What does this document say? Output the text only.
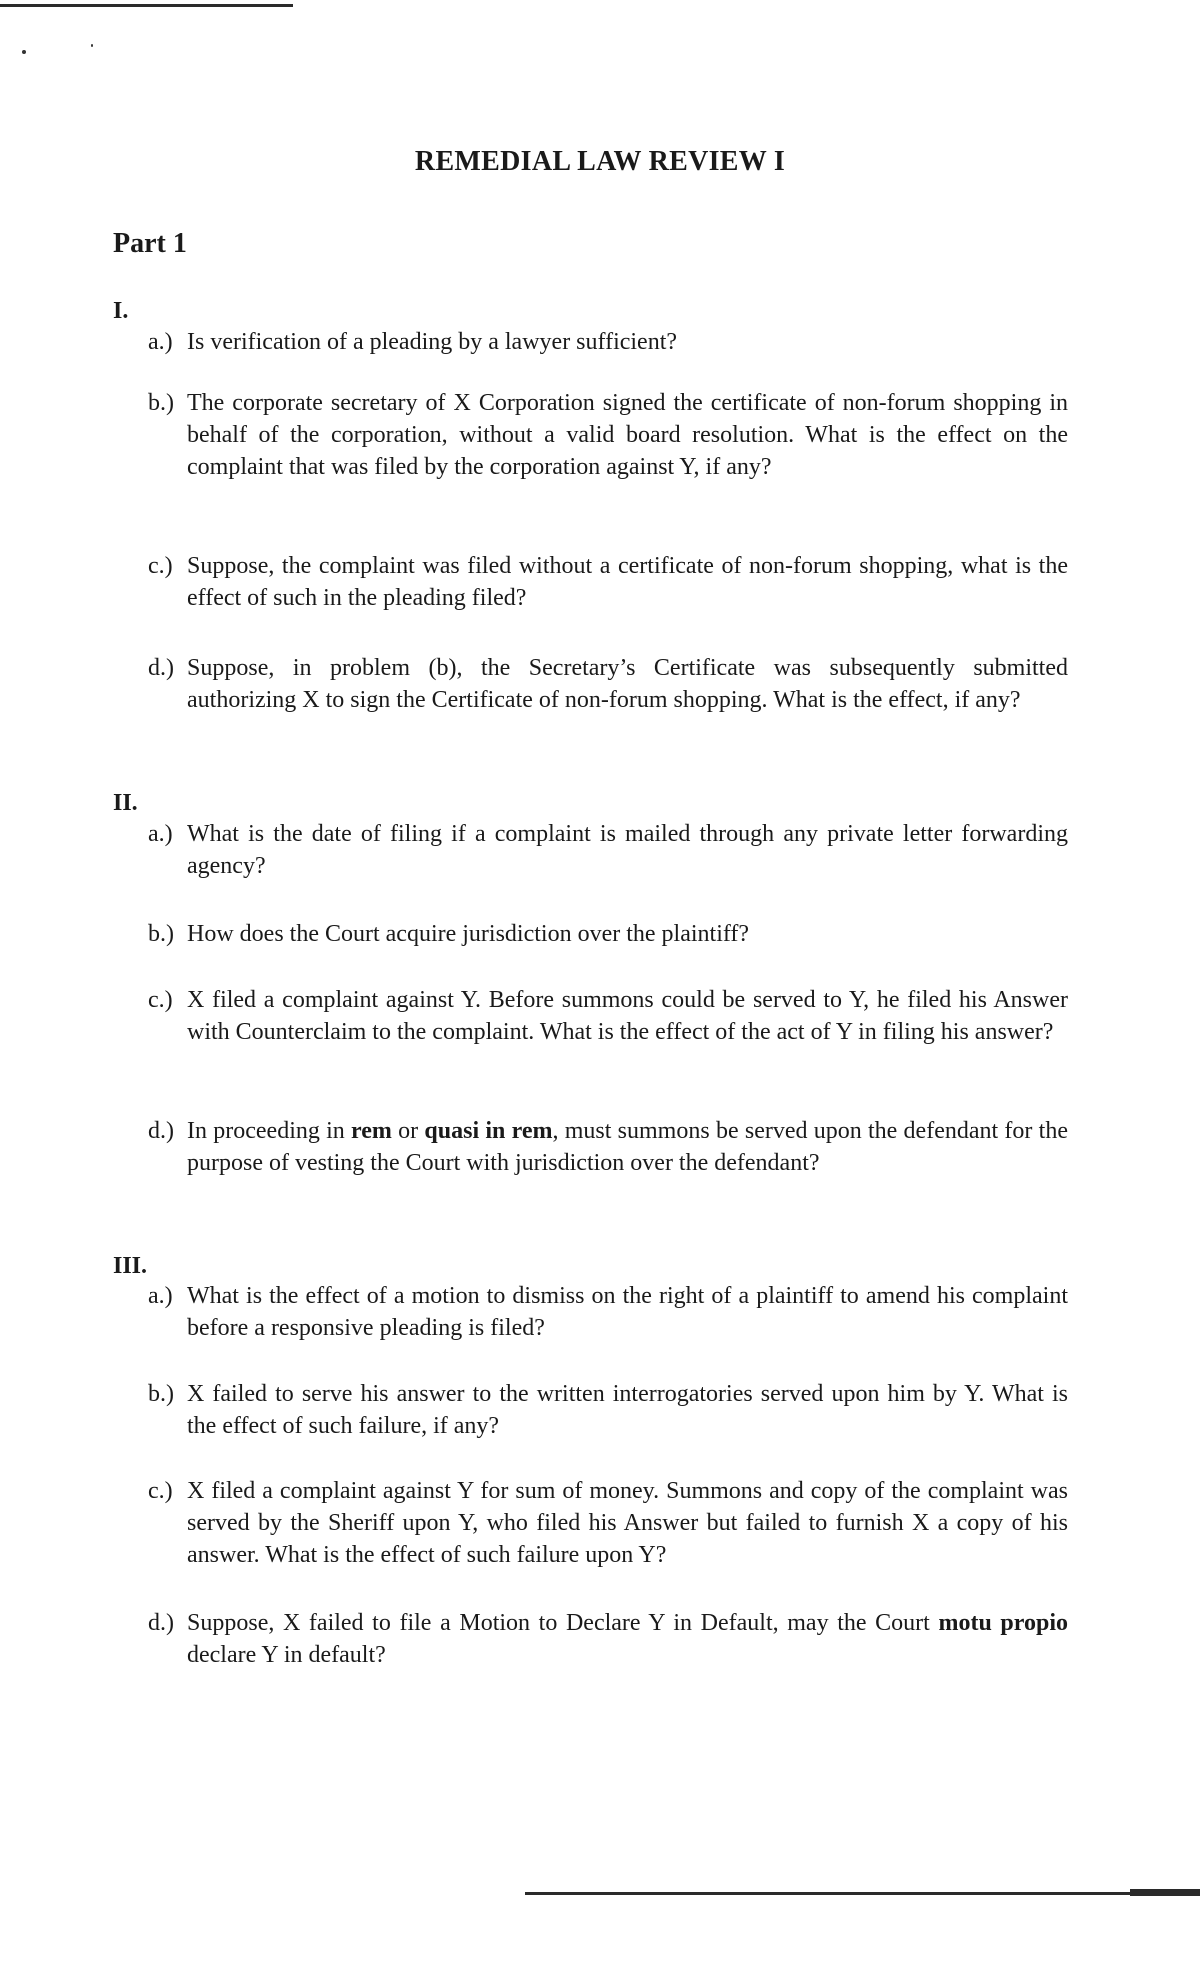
REMEDIAL LAW REVIEW I
Part 1
I.
a.) Is verification of a pleading by a lawyer sufficient?
b.) The corporate secretary of X Corporation signed the certificate of non-forum shopping in behalf of the corporation, without a valid board resolution. What is the effect on the complaint that was filed by the corporation against Y, if any?
c.) Suppose, the complaint was filed without a certificate of non-forum shopping, what is the effect of such in the pleading filed?
d.) Suppose, in problem (b), the Secretary’s Certificate was subsequently submitted authorizing X to sign the Certificate of non-forum shopping. What is the effect, if any?
II.
a.) What is the date of filing if a complaint is mailed through any private letter forwarding agency?
b.) How does the Court acquire jurisdiction over the plaintiff?
c.) X filed a complaint against Y. Before summons could be served to Y, he filed his Answer with Counterclaim to the complaint. What is the effect of the act of Y in filing his answer?
d.) In proceeding in rem or quasi in rem, must summons be served upon the defendant for the purpose of vesting the Court with jurisdiction over the defendant?
III.
a.) What is the effect of a motion to dismiss on the right of a plaintiff to amend his complaint before a responsive pleading is filed?
b.) X failed to serve his answer to the written interrogatories served upon him by Y. What is the effect of such failure, if any?
c.) X filed a complaint against Y for sum of money. Summons and copy of the complaint was served by the Sheriff upon Y, who filed his Answer but failed to furnish X a copy of his answer. What is the effect of such failure upon Y?
d.) Suppose, X failed to file a Motion to Declare Y in Default, may the Court motu propio declare Y in default?
